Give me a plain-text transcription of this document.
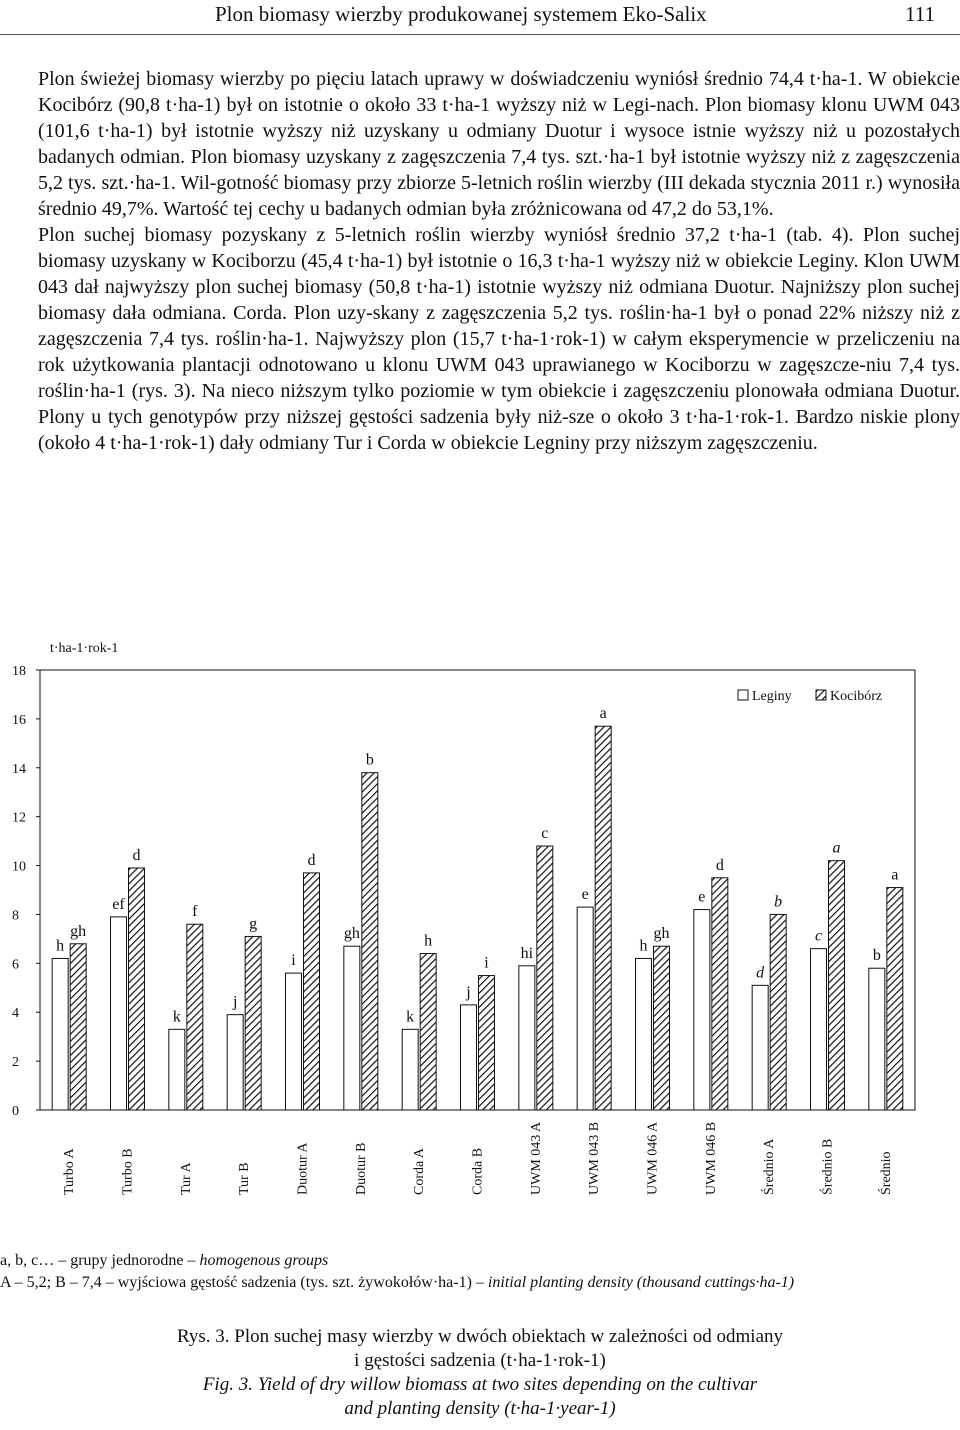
Plon biomasy wierzby produkowanej systemem Eko-Salix	111

Plon świeżej biomasy wierzby po pięciu latach uprawy w doświadczeniu wyniósł średnio 74,4 t·ha-1. W obiekcie Kocibórz (90,8 t·ha-1) był on istotnie o około 33 t·ha-1 wyższy niż w Legi-nach. Plon biomasy klonu UWM 043 (101,6 t·ha-1) był istotnie wyższy niż uzyskany u odmiany Duotur i wysoce istnie wyższy niż u pozostałych badanych odmian. Plon biomasy uzyskany z zagęszczenia 7,4 tys. szt.·ha-1 był istotnie wyższy niż z zagęszczenia 5,2 tys. szt.·ha-1. Wil-gotność biomasy przy zbiorze 5-letnich roślin wierzby (III dekada stycznia 2011 r.) wynosiła średnio 49,7%. Wartość tej cechy u badanych odmian była zróżnicowana od 47,2 do 53,1%.

Plon suchej biomasy pozyskany z 5-letnich roślin wierzby wyniósł średnio 37,2 t·ha-1 (tab. 4). Plon suchej biomasy uzyskany w Kociborzu (45,4 t·ha-1) był istotnie o 16,3 t·ha-1 wyższy niż w obiekcie Leginy. Klon UWM 043 dał najwyższy plon suchej biomasy (50,8 t·ha-1) istotnie wyższy niż odmiana Duotur. Najniższy plon suchej biomasy dała odmiana. Corda. Plon uzy-skany z zagęszczenia 5,2 tys. roślin·ha-1 był o ponad 22% niższy niż z zagęszczenia 7,4 tys. roślin·ha-1. Najwyższy plon (15,7 t·ha-1·rok-1) w całym eksperymencie w przeliczeniu na rok użytkowania plantacji odnotowano u klonu UWM 043 uprawianego w Kociborzu w zagęszcze-niu 7,4 tys. roślin·ha-1 (rys. 3). Na nieco niższym tylko poziomie w tym obiekcie i zagęszczeniu plonowała odmiana Duotur. Plony u tych genotypów przy niższej gęstości sadzenia były niż-sze o około 3 t·ha-1·rok-1. Bardzo niskie plony (około 4 t·ha-1·rok-1) dały odmiany Tur i Corda w obiekcie Legniny przy niższym zagęszczeniu.

t·ha-1·rok-1
0
2
4
6
8
10
12
14
16
18
Turbo A
h
gh
Turbo B
ef
d
Tur A
k
f
Tur B
j
g
Duotur A
i
d
Duotur B
gh
b
Corda A
k
h
Corda B
j
i
UWM 043 A
hi
c
UWM 043 B
e
a
UWM 046 A
h
gh
UWM 046 B
e
d
Średnio A
d
b
Średnio B
c
a
Średnio
b
a
Leginy	Kocibórz
a, b, c… – grupy jednorodne – homogenous groups
A – 5,2; B – 7,4 – wyjściowa gęstość sadzenia (tys. szt. żywokołów·ha-1) – initial planting density (thousand cuttings·ha-1)
Rys. 3. Plon suchej masy wierzby w dwóch obiektach w zależności od odmiany
i gęstości sadzenia (t·ha-1·rok-1)
Fig. 3. Yield of dry willow biomass at two sites depending on the cultivar
and planting density (t·ha-1·year-1)
